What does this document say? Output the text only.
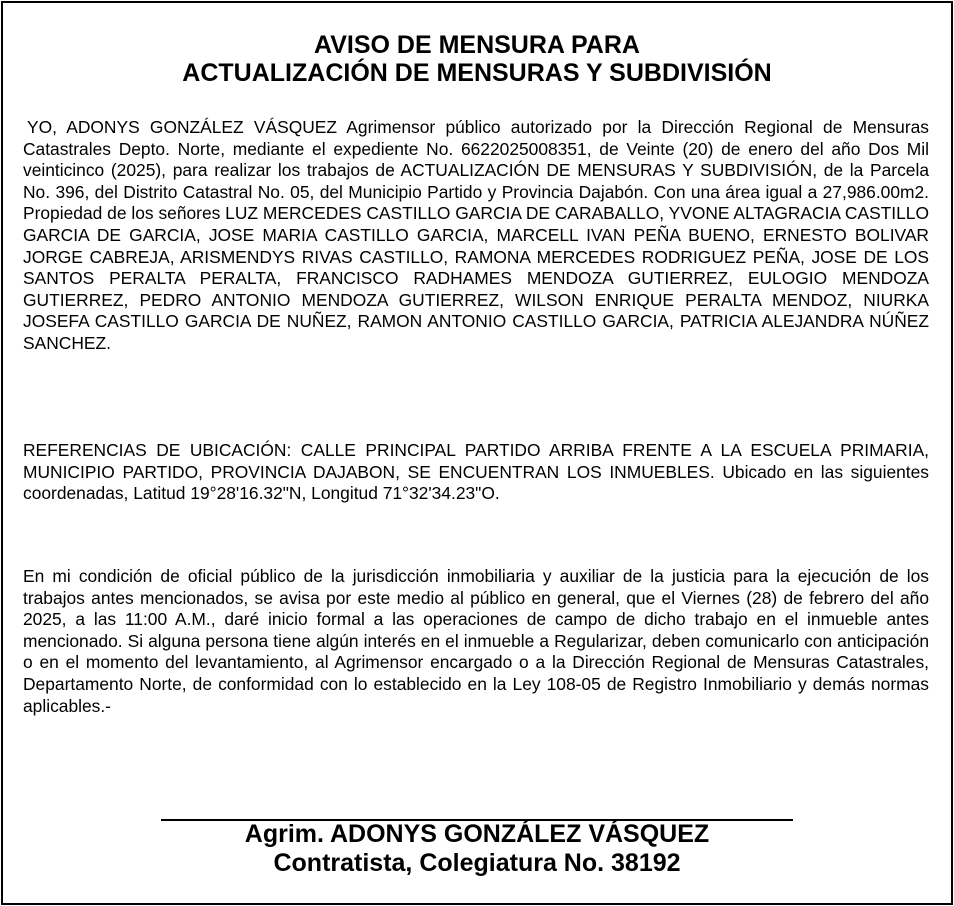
AVISO DE MENSURA PARA
ACTUALIZACIÓN DE MENSURAS Y SUBDIVISIÓN
YO, ADONYS GONZÁLEZ VÁSQUEZ Agrimensor público autorizado por la Dirección Regional de Mensuras Catastrales Depto. Norte, mediante el expediente No. 6622025008351, de Veinte (20) de enero del año Dos Mil veinticinco (2025), para realizar los trabajos de ACTUALIZACIÓN DE MENSURAS Y SUBDIVISIÓN, de la Parcela No. 396, del Distrito Catastral No. 05, del Municipio Partido y Provincia Dajabón. Con una área igual a 27,986.00m2. Propiedad de los señores LUZ MERCEDES CASTILLO GARCIA DE CARABALLO, YVONE ALTAGRACIA CASTILLO GARCIA DE GARCIA, JOSE MARIA CASTILLO GARCIA, MARCELL IVAN PEÑA BUENO, ERNESTO BOLIVAR JORGE CABREJA, ARISMENDYS RIVAS CASTILLO, RAMONA MERCEDES RODRIGUEZ PEÑA, JOSE DE LOS SANTOS PERALTA PERALTA, FRANCISCO RADHAMES MENDOZA GUTIERREZ, EULOGIO MENDOZA GUTIERREZ, PEDRO ANTONIO MENDOZA GUTIERREZ, WILSON ENRIQUE PERALTA MENDOZ, NIURKA JOSEFA CASTILLO GARCIA DE NUÑEZ, RAMON ANTONIO CASTILLO GARCIA, PATRICIA ALEJANDRA NÚÑEZ SANCHEZ.
REFERENCIAS DE UBICACIÓN: CALLE PRINCIPAL PARTIDO ARRIBA FRENTE A LA ESCUELA PRIMARIA, MUNICIPIO PARTIDO, PROVINCIA DAJABON, SE ENCUENTRAN LOS INMUEBLES. Ubicado en las siguientes coordenadas, Latitud 19°28'16.32"N, Longitud 71°32'34.23"O.
En mi condición de oficial público de la jurisdicción inmobiliaria y auxiliar de la justicia para la ejecución de los trabajos antes mencionados, se avisa por este medio al público en general, que el Viernes (28) de febrero del año 2025, a las 11:00 A.M., daré inicio formal a las operaciones de campo de dicho trabajo en el inmueble antes mencionado. Si alguna persona tiene algún interés en el inmueble a Regularizar, deben comunicarlo con anticipación o en el momento del levantamiento, al Agrimensor encargado o a la Dirección Regional de Mensuras Catastrales, Departamento Norte, de conformidad con lo establecido en la Ley 108-05 de Registro Inmobiliario y demás normas aplicables.-
Agrim. ADONYS GONZÁLEZ VÁSQUEZ
Contratista, Colegiatura No. 38192
